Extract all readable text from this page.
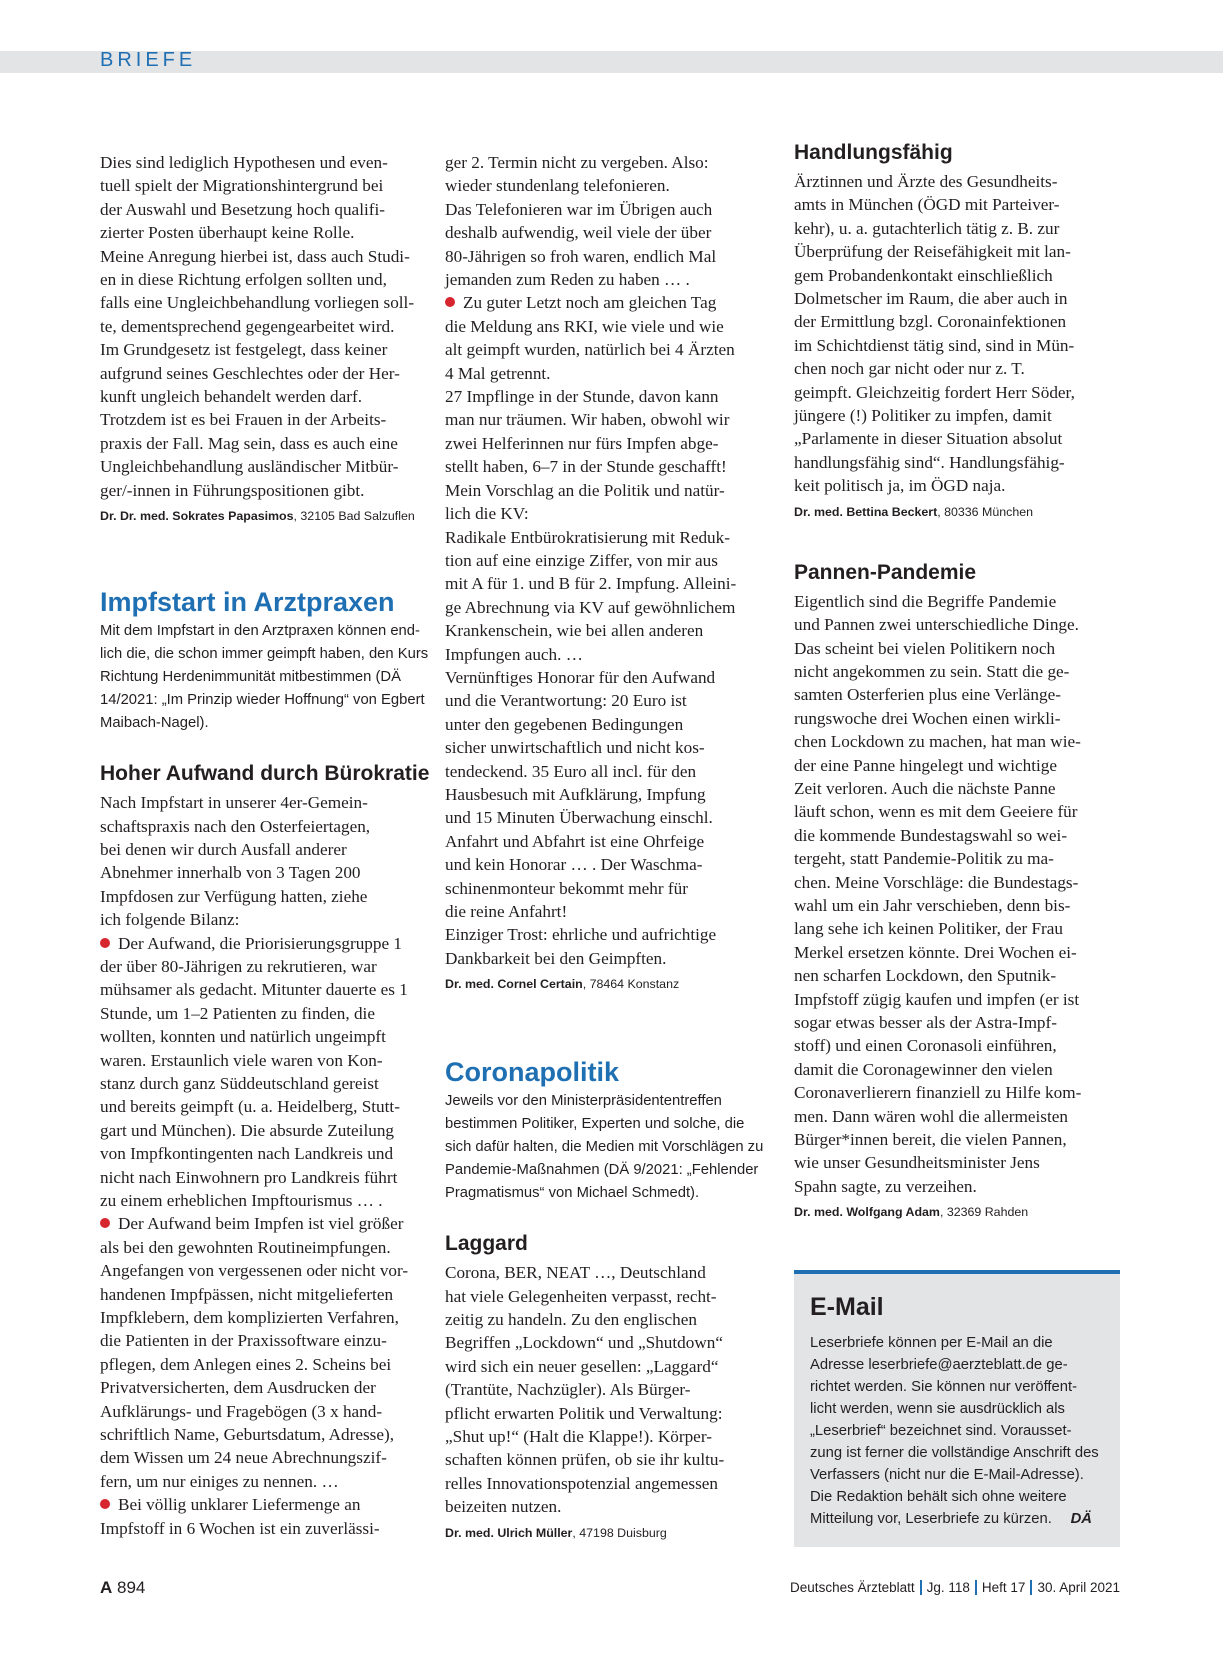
BRIEFE

Dies sind lediglich Hypothesen und even-
tuell spielt der Migrationshintergrund bei
der Auswahl und Besetzung hoch qualifi-
zierter Posten überhaupt keine Rolle.
Meine Anregung hierbei ist, dass auch Studi-
en in diese Richtung erfolgen sollten und,
falls eine Ungleichbehandlung vorliegen soll-
te, dementsprechend gegengearbeitet wird.
Im Grundgesetz ist festgelegt, dass keiner
aufgrund seines Geschlechtes oder der Her-
kunft ungleich behandelt werden darf.
Trotzdem ist es bei Frauen in der Arbeits-
praxis der Fall. Mag sein, dass es auch eine
Ungleichbehandlung ausländischer Mitbür-
ger/-innen in Führungspositionen gibt.

Dr. Dr. med. Sokrates Papasimos, 32105 Bad Salzuflen
Impfstart in Arztpraxen
Mit dem Impfstart in den Arztpraxen können end-
lich die, die schon immer geimpft haben, den Kurs
Richtung Herdenimmunität mitbestimmen (DÄ
14/2021: „Im Prinzip wieder Hoffnung“ von Egbert
Maibach-Nagel).
Hoher Aufwand durch Bürokratie

Nach Impfstart in unserer 4er-Gemein-
schaftspraxis nach den Osterfeiertagen,
bei denen wir durch Ausfall anderer
Abnehmer innerhalb von 3 Tagen 200
Impfdosen zur Verfügung hatten, ziehe
ich folgende Bilanz:

Der Aufwand, die Priorisierungsgruppe 1
der über 80-Jährigen zu rekrutieren, war
mühsamer als gedacht. Mitunter dauerte es 1
Stunde, um 1–2 Patienten zu finden, die
wollten, konnten und natürlich ungeimpft
waren. Erstaunlich viele waren von Kon-
stanz durch ganz Süddeutschland gereist
und bereits geimpft (u. a. Heidelberg, Stutt-
gart und München). Die absurde Zuteilung
von Impfkontingenten nach Landkreis und
nicht nach Einwohnern pro Landkreis führt
zu einem erheblichen Impftourismus … .

Der Aufwand beim Impfen ist viel größer
als bei den gewohnten Routineimpfungen.
Angefangen von vergessenen oder nicht vor-
handenen Impfpässen, nicht mitgelieferten
Impfklebern, dem komplizierten Verfahren,
die Patienten in der Praxissoftware einzu-
pflegen, dem Anlegen eines 2. Scheins bei
Privatversicherten, dem Ausdrucken der
Aufklärungs- und Fragebögen (3 x hand-
schriftlich Name, Geburtsdatum, Adresse),
dem Wissen um 24 neue Abrechnungszif-
fern, um nur einiges zu nennen. …

Bei völlig unklarer Liefermenge an
Impfstoff in 6 Wochen ist ein zuverlässi-

ger 2. Termin nicht zu vergeben. Also:
wieder stundenlang telefonieren.
Das Telefonieren war im Übrigen auch
deshalb aufwendig, weil viele der über
80-Jährigen so froh waren, endlich Mal
jemanden zum Reden zu haben … .

Zu guter Letzt noch am gleichen Tag
die Meldung ans RKI, wie viele und wie
alt geimpft wurden, natürlich bei 4 Ärzten
4 Mal getrennt.

27 Impflinge in der Stunde, davon kann
man nur träumen. Wir haben, obwohl wir
zwei Helferinnen nur fürs Impfen abge-
stellt haben, 6–7 in der Stunde geschafft!
Mein Vorschlag an die Politik und natür-
lich die KV:
Radikale Entbürokratisierung mit Reduk-
tion auf eine einzige Ziffer, von mir aus
mit A für 1. und B für 2. Impfung. Alleini-
ge Abrechnung via KV auf gewöhnlichem
Krankenschein, wie bei allen anderen
Impfungen auch. …
Vernünftiges Honorar für den Aufwand
und die Verantwortung: 20 Euro ist
unter den gegebenen Bedingungen
sicher unwirtschaftlich und nicht kos-
tendeckend. 35 Euro all incl. für den
Hausbesuch mit Aufklärung, Impfung
und 15 Minuten Überwachung einschl.
Anfahrt und Abfahrt ist eine Ohrfeige
und kein Honorar … . Der Waschma-
schinenmonteur bekommt mehr für
die reine Anfahrt!
Einziger Trost: ehrliche und aufrichtige
Dankbarkeit bei den Geimpften.

Dr. med. Cornel Certain, 78464 Konstanz
Coronapolitik
Jeweils vor den Ministerpräsidententreffen
bestimmen Politiker, Experten und solche, die
sich dafür halten, die Medien mit Vorschlägen zu
Pandemie-Maßnahmen (DÄ 9/2021: „Fehlender
Pragmatismus“ von Michael Schmedt).
Laggard

Corona, BER, NEAT …, Deutschland
hat viele Gelegenheiten verpasst, recht-
zeitig zu handeln. Zu den englischen
Begriffen „Lockdown“ und „Shutdown“
wird sich ein neuer gesellen: „Laggard“
(Trantüte, Nachzügler). Als Bürger-
pflicht erwarten Politik und Verwaltung:
„Shut up!“ (Halt die Klappe!). Körper-
schaften können prüfen, ob sie ihr kultu-
relles Innovationspotenzial angemessen
beizeiten nutzen.

Dr. med. Ulrich Müller, 47198 Duisburg
Handlungsfähig

Ärztinnen und Ärzte des Gesundheits-
amts in München (ÖGD mit Parteiver-
kehr), u. a. gutachterlich tätig z. B. zur
Überprüfung der Reisefähigkeit mit lan-
gem Probandenkontakt einschließlich
Dolmetscher im Raum, die aber auch in
der Ermittlung bzgl. Coronainfektionen
im Schichtdienst tätig sind, sind in Mün-
chen noch gar nicht oder nur z. T.
geimpft. Gleichzeitig fordert Herr Söder,
jüngere (!) Politiker zu impfen, damit
„Parlamente in dieser Situation absolut
handlungsfähig sind“. Handlungsfähig-
keit politisch ja, im ÖGD naja.

Dr. med. Bettina Beckert, 80336 München
Pannen-Pandemie

Eigentlich sind die Begriffe Pandemie
und Pannen zwei unterschiedliche Dinge.
Das scheint bei vielen Politikern noch
nicht angekommen zu sein. Statt die ge-
samten Osterferien plus eine Verlänge-
rungswoche drei Wochen einen wirkli-
chen Lockdown zu machen, hat man wie-
der eine Panne hingelegt und wichtige
Zeit verloren. Auch die nächste Panne
läuft schon, wenn es mit dem Geeiere für
die kommende Bundestagswahl so wei-
tergeht, statt Pandemie-Politik zu ma-
chen. Meine Vorschläge: die Bundestags-
wahl um ein Jahr verschieben, denn bis-
lang sehe ich keinen Politiker, der Frau
Merkel ersetzen könnte. Drei Wochen ei-
nen scharfen Lockdown, den Sputnik-
Impfstoff zügig kaufen und impfen (er ist
sogar etwas besser als der Astra-Impf-
stoff) und einen Coronasoli einführen,
damit die Coronagewinner den vielen
Coronaverlierern finanziell zu Hilfe kom-
men. Dann wären wohl die allermeisten
Bürger*innen bereit, die vielen Pannen,
wie unser Gesundheitsminister Jens
Spahn sagte, zu verzeihen.

Dr. med. Wolfgang Adam, 32369 Rahden
E-Mail
Leserbriefe können per E-Mail an die
Adresse leserbriefe@aerzteblatt.de ge-
richtet werden. Sie können nur veröffent-
licht werden, wenn sie ausdrücklich als
„Leserbrief“ bezeichnet sind. Vorausset-
zung ist ferner die vollständige Anschrift des
Verfassers (nicht nur die E-Mail-Adresse).
Die Redaktion behält sich ohne weitere
Mitteilung vor, Leserbriefe zu kürzen. DÄ
A 894	Deutsches Ärzteblatt Jg. 118 Heft 17 30. April 2021
